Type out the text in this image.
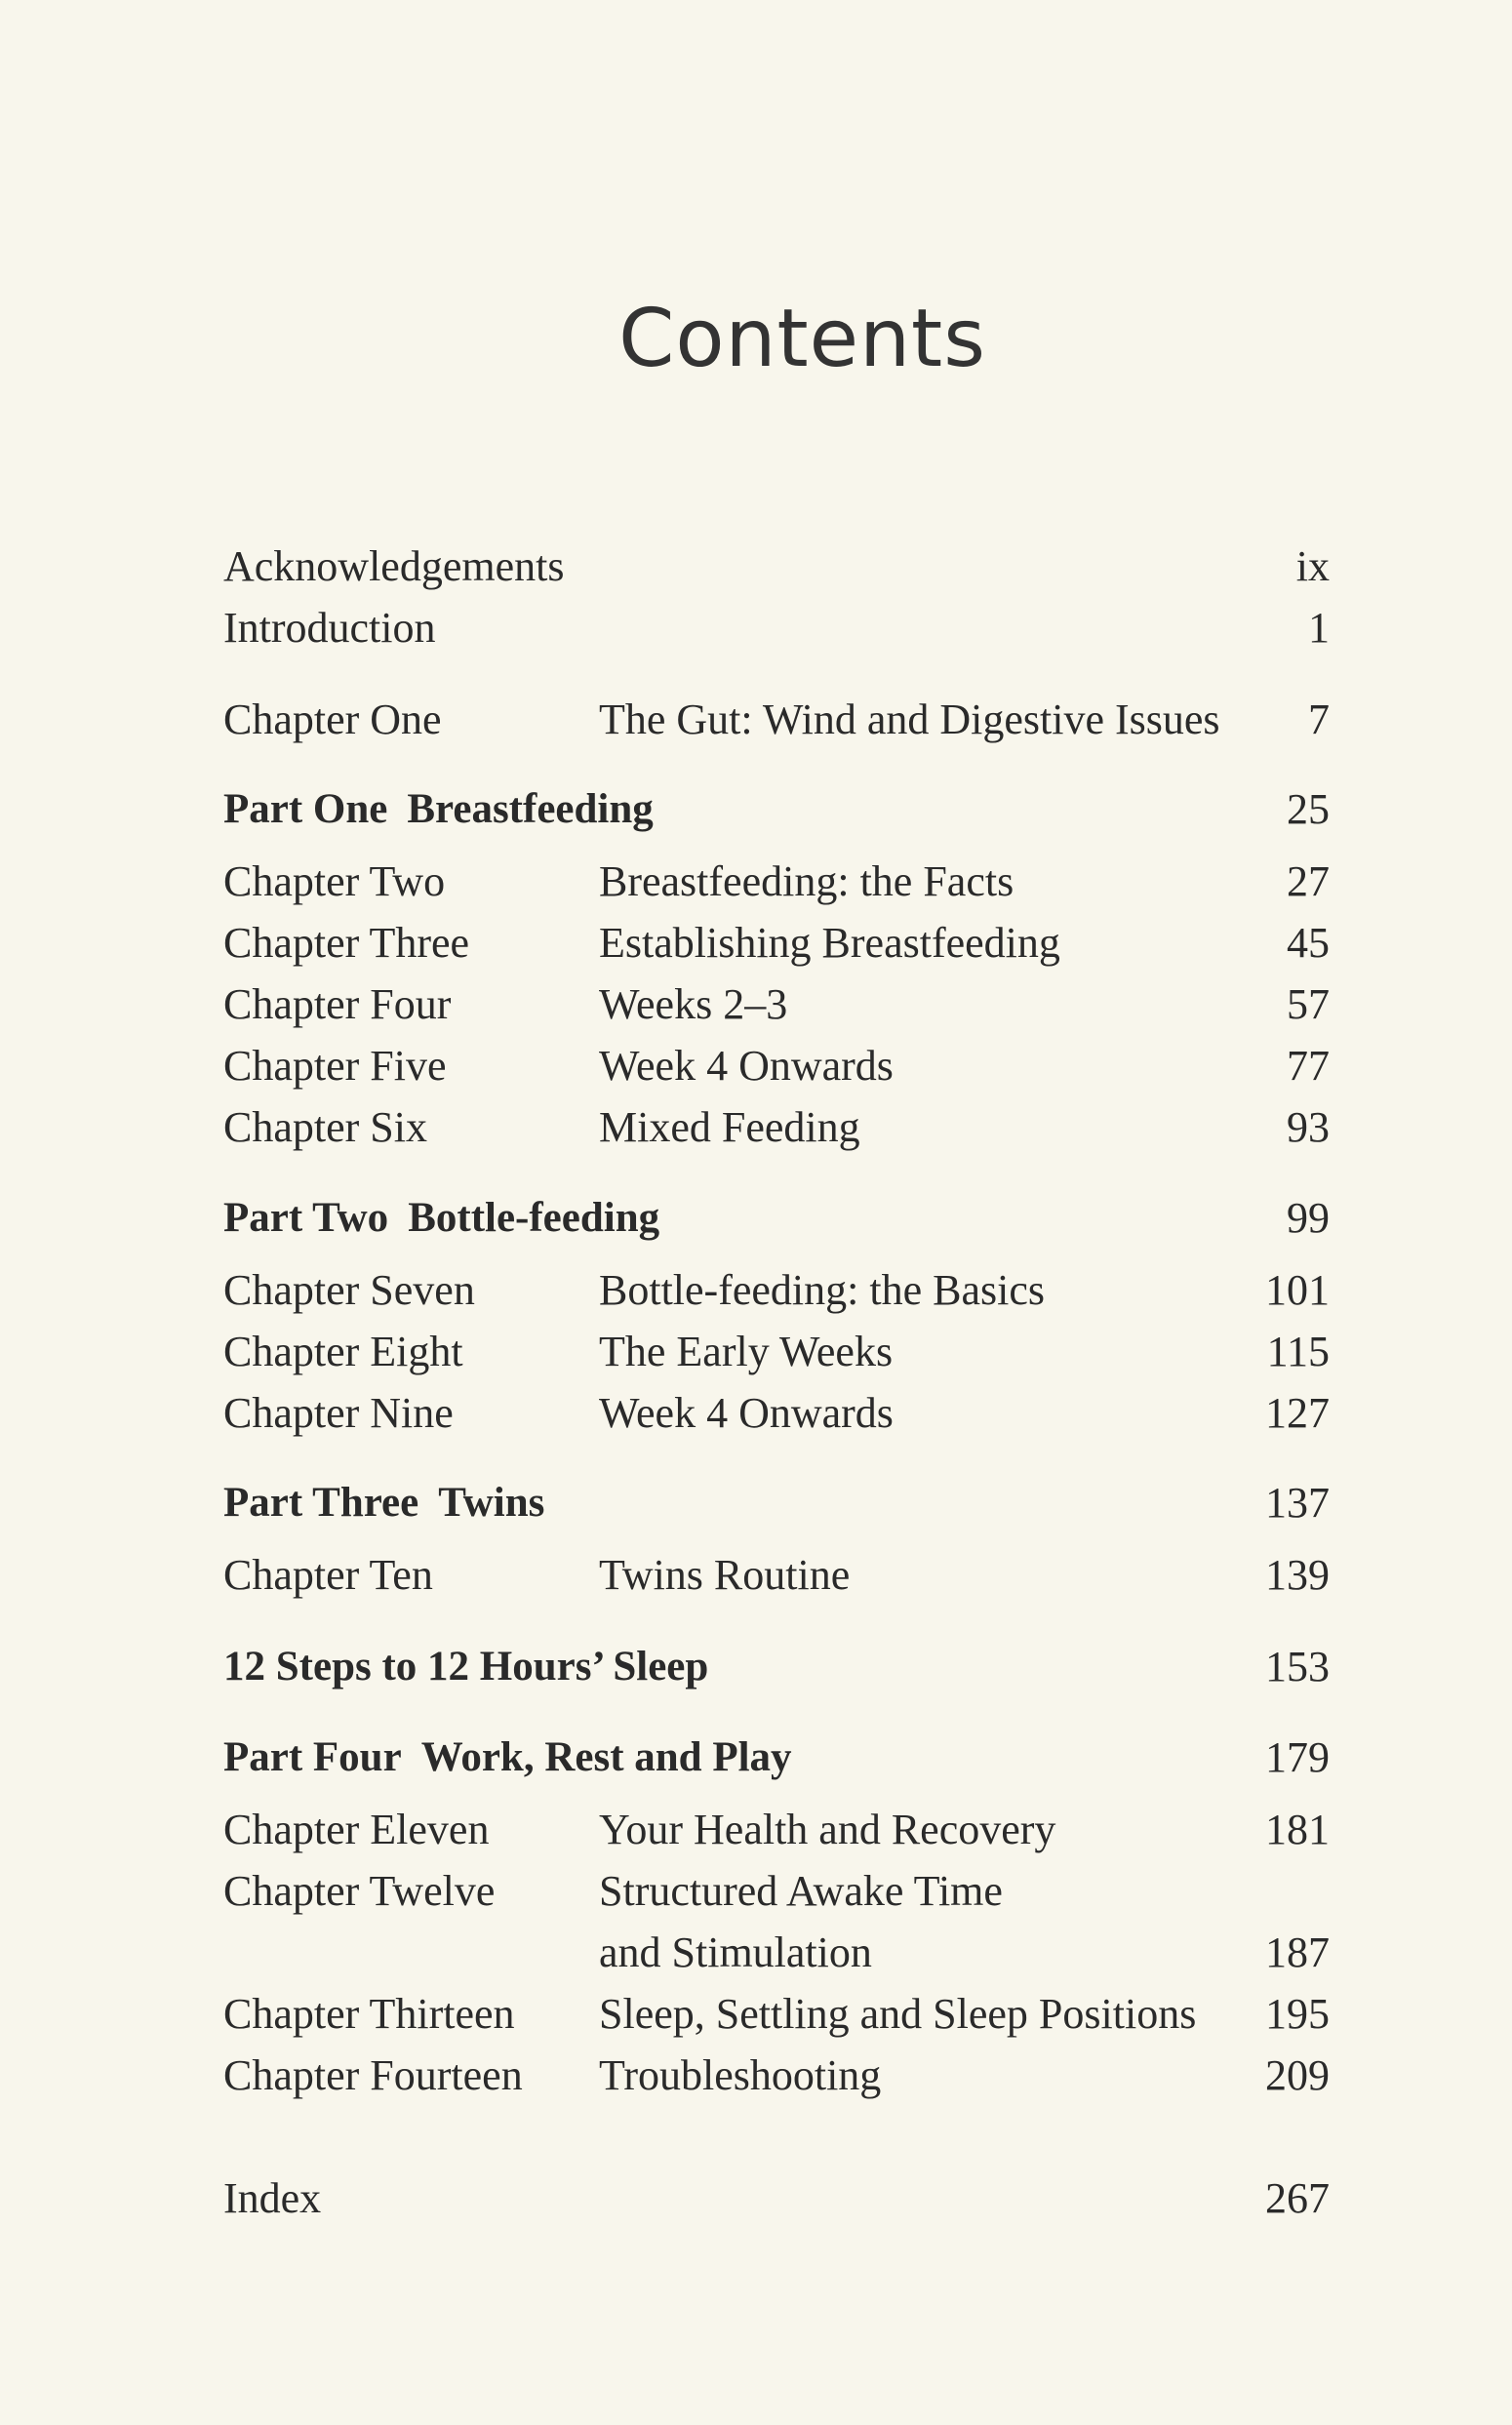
Contents
Acknowledgements	ix
Introduction	1
Chapter One	The Gut: Wind and Digestive Issues 7
Part One Breastfeeding	25
Chapter Two	Breastfeeding: the Facts	27
Chapter Three	Establishing Breastfeeding	45
Chapter Four	Weeks 2–3	57
Chapter Five	Week 4 Onwards	77
Chapter Six	Mixed Feeding	93
Part Two Bottle-feeding	99
Chapter Seven	Bottle-feeding: the Basics	101
Chapter Eight	The Early Weeks	115
Chapter Nine	Week 4 Onwards	127
Part Three Twins	137
Chapter Ten	Twins Routine	139
12 Steps to 12 Hours’ Sleep	153
Part Four Work, Rest and Play	179
Chapter Eleven	Your Health and Recovery	181
Chapter Twelve Structured Awake Time
and Stimulation	187
Chapter Thirteen Sleep, Settling and Sleep Positions 195
Chapter Fourteen Troubleshooting	209
Index	267
